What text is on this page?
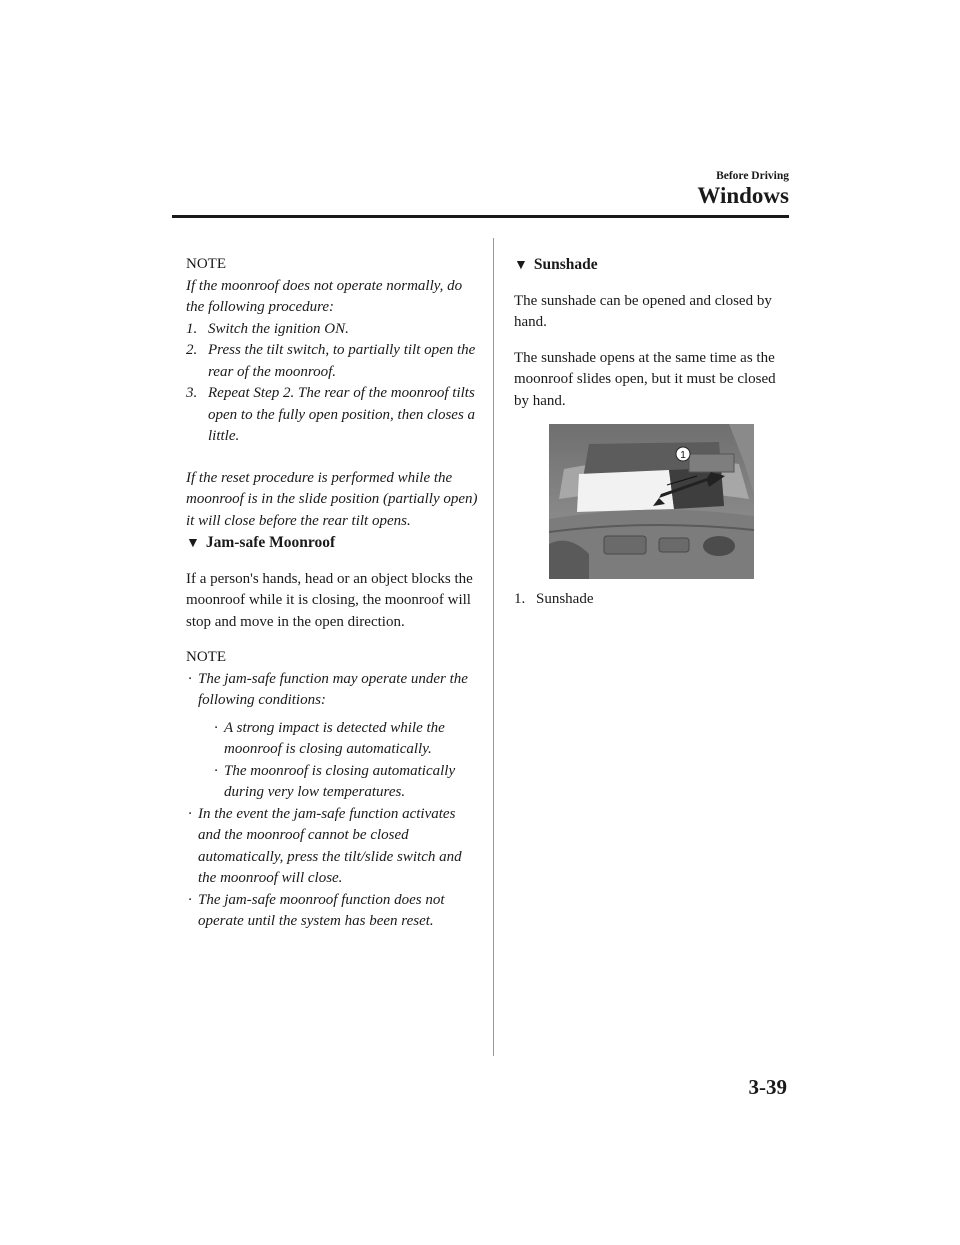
Before Driving
Windows

NOTE

If the moonroof does not operate normally, do the following procedure:

1. Switch the ignition ON.
2. Press the tilt switch, to partially tilt open the rear of the moonroof.
3. Repeat Step 2. The rear of the moonroof tilts open to the fully open position, then closes a little.

If the reset procedure is performed while the moonroof is in the slide position (partially open) it will close before the rear tilt opens.

▼ Jam-safe Moonroof

If a person's hands, head or an object blocks the moonroof while it is closing, the moonroof will stop and move in the open direction.

NOTE

· The jam-safe function may operate under the following conditions:
· A strong impact is detected while the moonroof is closing automatically.
· The moonroof is closing automatically during very low temperatures.
· In the event the jam-safe function activates and the moonroof cannot be closed automatically, press the tilt/slide switch and the moonroof will close.
· The jam-safe moonroof function does not operate until the system has been reset.

▼ Sunshade

The sunshade can be opened and closed by hand.

The sunshade opens at the same time as the moonroof slides open, but it must be closed by hand.

1

1. Sunshade

3-39
